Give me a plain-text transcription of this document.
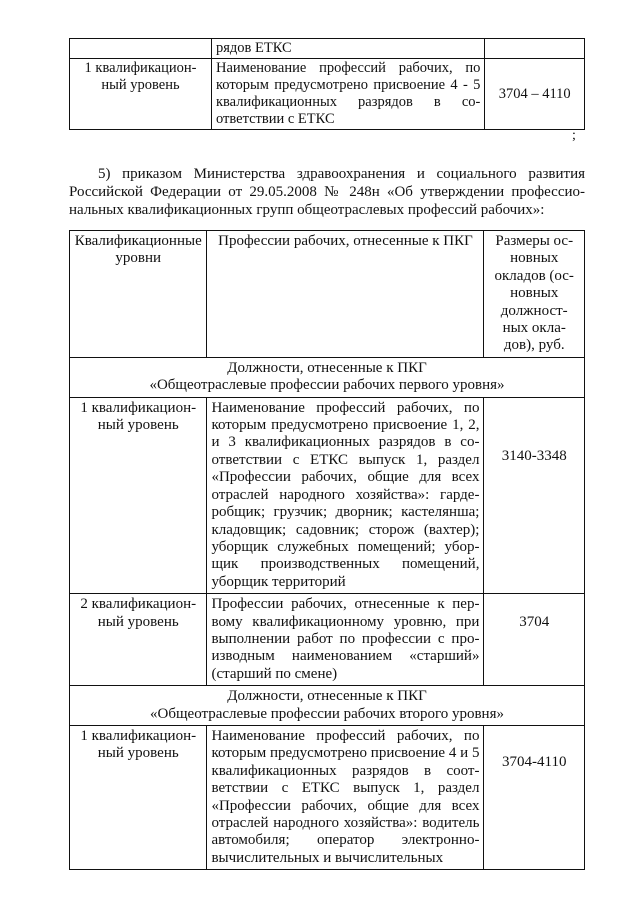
	рядов ЕТКС	
1 квалификацион-ный уровень	Наименование профессий рабочих, по которым предусмотрено присвоение 4 - 5 квалификационных разрядов в со-ответствии с ЕТКС	3704 – 4110
;
5) приказом Министерства здравоохранения и социального развития
Российской Федерации от 29.05.2008 № 248н «Об утверждении профессио-
нальных квалификационных групп общеотраслевых профессий рабочих»:
Квалификационные уровни	Профессии рабочих, отнесенные к ПКГ	Размеры ос-новных окладов (ос-новных должност-ных окла-дов), руб.

Должности, отнесенные к ПКГ
«Общеотраслевые профессии рабочих первого уровня»		

1 квалификацион-ный уровень	Наименование профессий рабочих, по которым предусмотрено присвоение 1, 2, и 3 квалификационных разрядов в со-ответствии с ЕТКС выпуск 1, раздел «Профессии рабочих, общие для всех отраслей народного хозяйства»: гарде-робщик; грузчик; дворник; кастелянша; кладовщик; садовник; сторож (вахтер); уборщик служебных помещений; убор-щик производственных помещений, уборщик территорий	3140-3348
2 квалификацион-ный уровень	Профессии рабочих, отнесенные к пер-вому квалификационному уровню, при выполнении работ по профессии с про-изводным наименованием «старший» (старший по смене)	3704

Должности, отнесенные к ПКГ
«Общеотраслевые профессии рабочих второго уровня»		

1 квалификацион-ный уровень	Наименование профессий рабочих, по которым предусмотрено присвоение 4 и 5 квалификационных разрядов в соот-ветствии с ЕТКС выпуск 1, раздел «Профессии рабочих, общие для всех отраслей народного хозяйства»: водитель автомобиля; оператор электронно-вычислительных и вычислительных	3704-4110
